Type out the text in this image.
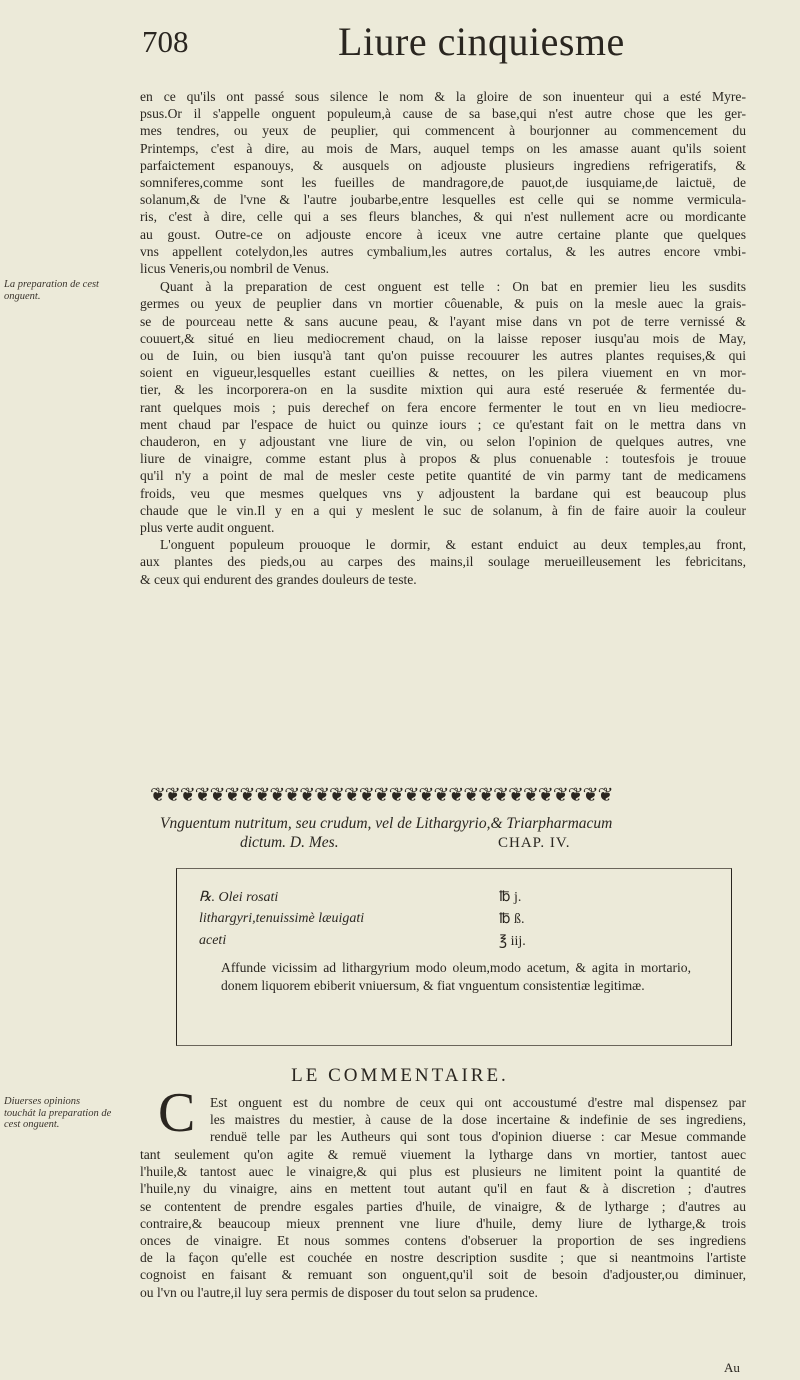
708	Liure cinquiesme

en ce qu'ils ont passé sous silence le nom & la gloire de son inuenteur qui a esté Myre-

psus.Or il s'appelle onguent populeum,à cause de sa base,qui n'est autre chose que les ger-

mes tendres, ou yeux de peuplier, qui commencent à bourjonner au commencement du

Printemps, c'est à dire, au mois de Mars, auquel temps on les amasse auant qu'ils soient

parfaictement espanouys, & ausquels on adjouste plusieurs ingrediens refrigeratifs, &

somniferes,comme sont les fueilles de mandragore,de pauot,de iusquiame,de laictuë, de

solanum,& de l'vne & l'autre joubarbe,entre lesquelles est celle qui se nomme vermicula-

ris, c'est à dire, celle qui a ses fleurs blanches, & qui n'est nullement acre ou mordicante

au goust. Outre-ce on adjouste encore à iceux vne autre certaine plante que quelques

vns appellent cotelydon,les autres cymbalium,les autres cortalus, & les autres encore vmbi-

licus Veneris,ou nombril de Venus.

Quant à la preparation de cest onguent est telle : On bat en premier lieu les susdits

germes ou yeux de peuplier dans vn mortier côuenable, & puis on la mesle auec la grais-

se de pourceau nette & sans aucune peau, & l'ayant mise dans vn pot de terre vernissé &

couuert,& situé en lieu mediocrement chaud, on la laisse reposer iusqu'au mois de May,

ou de Iuin, ou bien iusqu'à tant qu'on puisse recouurer les autres plantes requises,& qui

soient en vigueur,lesquelles estant cueillies & nettes, on les pilera viuement en vn mor-

tier, & les incorporera-on en la susdite mixtion qui aura esté reseruée & fermentée du-

rant quelques mois ; puis derechef on fera encore fermenter le tout en vn lieu mediocre-

ment chaud par l'espace de huict ou quinze iours ; ce qu'estant fait on le mettra dans vn

chauderon, en y adjoustant vne liure de vin, ou selon l'opinion de quelques autres, vne

liure de vinaigre, comme estant plus à propos & plus conuenable : toutesfois je trouue

qu'il n'y a point de mal de mesler ceste petite quantité de vin parmy tant de medicamens

froids, veu que mesmes quelques vns y adjoustent la bardane qui est beaucoup plus

chaude que le vin.Il y en a qui y meslent le suc de solanum, à fin de faire auoir la couleur

plus verte audit onguent.

L'onguent populeum prouoque le dormir, & estant enduict au deux temples,au front,

aux plantes des pieds,ou au carpes des mains,il soulage merueilleusement les febricitans,

& ceux qui endurent des grandes douleurs de teste.

La preparation de cest onguent.
Diuerses opinions touchát la preparation de cest onguent.
❦❦❦❦❦❦❦❦❦❦❦❦❦❦❦❦❦❦❦❦❦❦❦❦❦❦❦❦❦❦❦
Vnguentum nutritum, seu crudum, vel de Lithargyrio,& Triarpharmacum
dictum. D. Mes.	CHAP. IV.
℞. Olei rosati	℔ j.
lithargyri,tenuissimè læuigati	℔ ß.
aceti	℥ iij.
Affunde vicissim ad lithargyrium modo oleum,modo acetum, & agita in mortario, donem liquorem ebiberit vniuersum, & fiat vnguentum consistentiæ legitimæ.
LE COMMENTAIRE.
C Est onguent est du nombre de ceux qui ont accoustumé d'estre mal dispensez par

les maistres du mestier, à cause de la dose incertaine & indefinie de ses ingrediens,

renduë telle par les Autheurs qui sont tous d'opinion diuerse : car Mesue commande

tant seulement qu'on agite & remuë viuement la lytharge dans vn mortier, tantost auec

l'huile,& tantost auec le vinaigre,& qui plus est plusieurs ne limitent point la quantité de

l'huile,ny du vinaigre, ains en mettent tout autant qu'il en faut & à discretion ; d'autres

se contentent de prendre esgales parties d'huile, de vinaigre, & de lytharge ; d'autres au

contraire,& beaucoup mieux prennent vne liure d'huile, demy liure de lytharge,& trois

onces de vinaigre. Et nous sommes contens d'obseruer la proportion de ses ingrediens

de la façon qu'elle est couchée en nostre description susdite ; que si neantmoins l'artiste

cognoist en faisant & remuant son onguent,qu'il soit de besoin d'adjouster,ou diminuer,

ou l'vn ou l'autre,il luy sera permis de disposer du tout selon sa prudence.

Au
